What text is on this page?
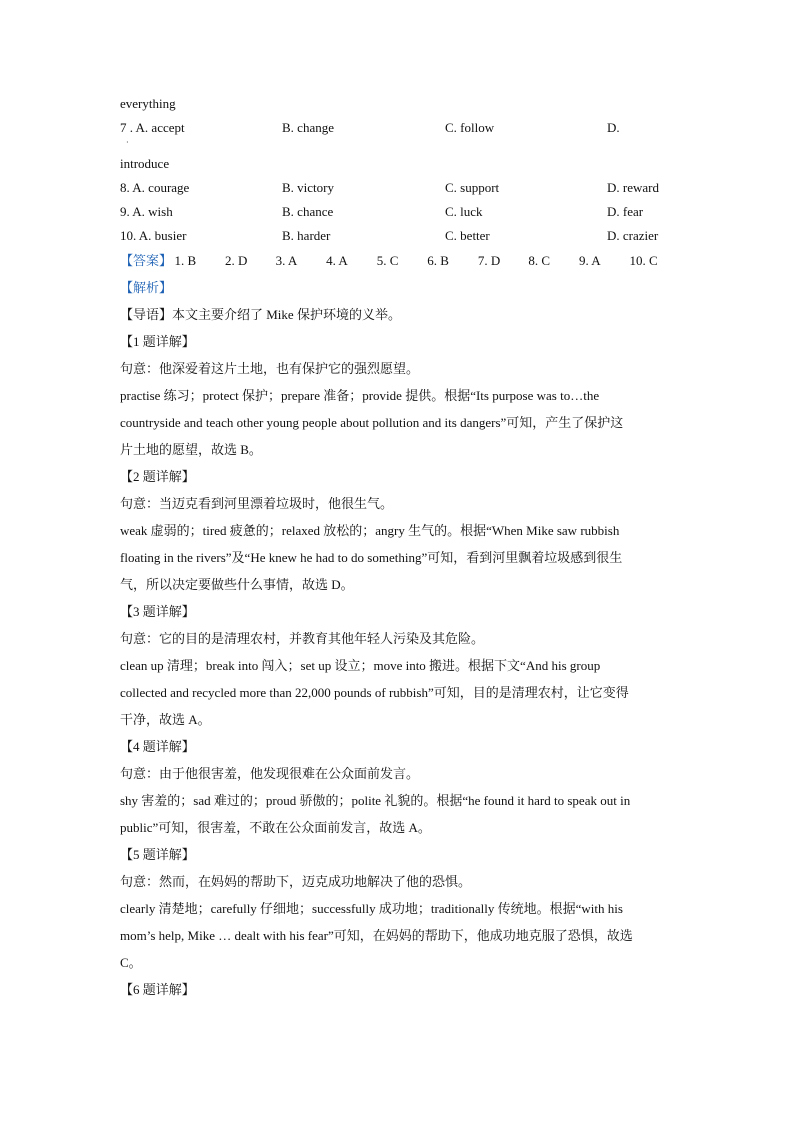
·
everything
7 . A. accept	B. change	C. follow	D.
introduce
8. A. courage	B. victory	C. support	D. reward
9. A. wish	B. chance	C. luck	D. fear
10. A. busier	B. harder	C. better	D. crazier
【答案】 1. B	2. D	3. A	4. A	5. C	6. B	7. D	8. C	9. A	10. C
【解析】
【导语】本文主要介绍了 Mike 保护环境的义举。
【1 题详解】
句意：他深爱着这片土地，也有保护它的强烈愿望。
practise 练习；protect 保护；prepare 准备；provide 提供。根据“Its purpose was to…the
countryside and teach other young people about pollution and its dangers”可知，产生了保护这
片土地的愿望，故选 B。
【2 题详解】
句意：当迈克看到河里漂着垃圾时，他很生气。
weak 虚弱的；tired 疲惫的；relaxed 放松的；angry 生气的。根据“When Mike saw rubbish
floating in the rivers”及“He knew he had to do something”可知，看到河里飘着垃圾感到很生
气，所以决定要做些什么事情，故选 D。
【3 题详解】
句意：它的目的是清理农村，并教育其他年轻人污染及其危险。
clean up 清理；break into 闯入；set up 设立；move into 搬进。根据下文“And his group
collected and recycled more than 22,000 pounds of rubbish”可知，目的是清理农村，让它变得
干净，故选 A。
【4 题详解】
句意：由于他很害羞，他发现很难在公众面前发言。
shy 害羞的；sad 难过的；proud 骄傲的；polite 礼貌的。根据“he found it hard to speak out in
public”可知，很害羞，不敢在公众面前发言，故选 A。
【5 题详解】
句意：然而，在妈妈的帮助下，迈克成功地解决了他的恐惧。
clearly 清楚地；carefully 仔细地；successfully 成功地；traditionally 传统地。根据“with his
mom’s help, Mike … dealt with his fear”可知，在妈妈的帮助下，他成功地克服了恐惧，故选
C。
【6 题详解】
